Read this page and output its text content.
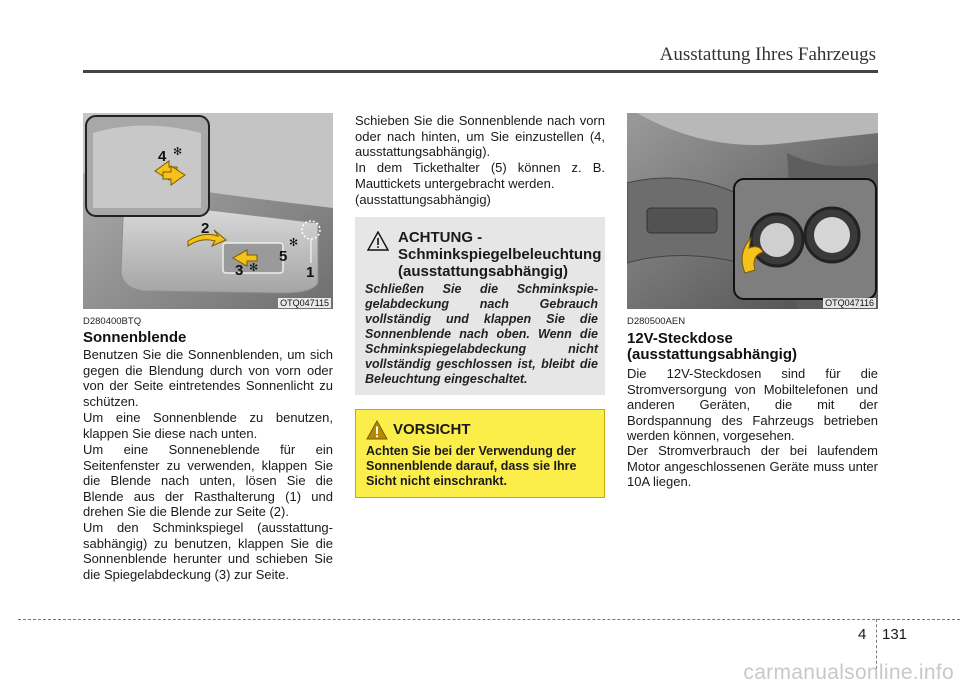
Ausstattung Ihres Fahrzeugs
4
2
3
5
1
✻
✻
✻
OTQ047115
D280400BTQ
Sonnenblende

Benutzen Sie die Sonnenblenden, um sich gegen die Blendung durch von vorn oder von der Seite eintretendes Sonnenlicht zu schützen.

Um eine Sonnenblende zu benutzen, klappen Sie diese nach unten.

Um eine Sonneneblende für ein Seitenfenster zu verwenden, klappen Sie die Blende nach unten, lösen Sie die Blende aus der Rasthalterung (1) und drehen Sie die Blende zur Seite (2).

Um den Schminkspiegel (ausstattung-sabhängig) zu benutzen, klappen Sie die Sonnenblende herunter und schieben Sie die Spiegelabdeckung (3) zur Seite.

Schieben Sie die Sonnenblende nach vorn oder nach hinten, um Sie einzustellen (4, ausstattungsabhängig).

In dem Tickethalter (5) können z. B. Mauttickets untergebracht werden.

(ausstattungsabhängig)

ACHTUNG -
Schminkspiegelbeleuchtung
(ausstattungsabhängig)

Schließen Sie die Schminkspie-gelabdeckung nach Gebrauch vollständig und klappen Sie die Sonnenblende nach oben. Wenn die Schminkspiegelabdeckung nicht vollständig geschlossen ist, bleibt die Beleuchtung eingeschaltet.

VORSICHT

Achten Sie bei der Verwendung der Sonnenblende darauf, dass sie Ihre Sicht nicht einschrankt.

OTQ047116
D280500AEN
12V-Steckdose
(ausstattungsabhängig)

Die 12V-Steckdosen sind für die Stromversorgung von Mobiltelefonen und anderen Geräten, die mit der Bordspannung des Fahrzeugs betrieben werden können, vorgesehen.

Der Stromverbrauch der bei laufendem Motor angeschlossenen Geräte muss unter 10A liegen.

4 131
carmanualsonline.info
